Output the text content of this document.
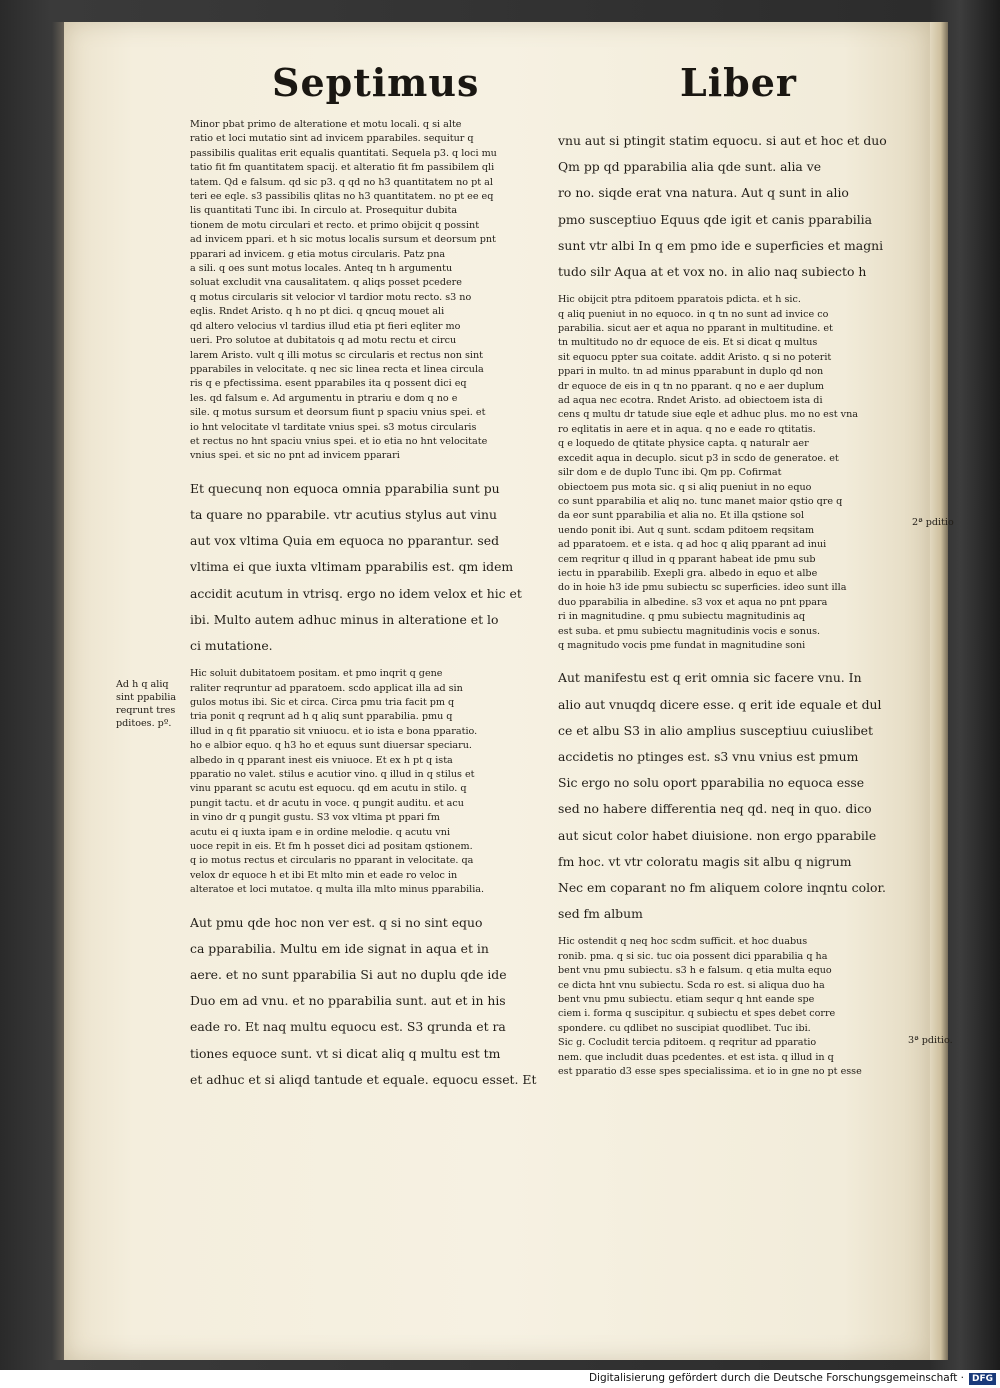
Septimus	Liber

Minor pbat primo de alteratione et motu locali. q si alte

ratio et loci mutatio sint ad invicem pparabiles. sequitur q

passibilis qualitas erit equalis quantitati. Sequela p3. q loci mu

tatio fit fm quantitatem spacij. et alteratio fit fm passibilem qli

tatem. Qd e falsum. qd sic p3. q qd no h3 quantitatem no pt al

teri ee eqle. s3 passibilis qlitas no h3 quantitatem. no pt ee eq

lis quantitati Tunc ibi. In circulo at. Prosequitur dubita

tionem de motu circulari et recto. et primo obijcit q possint

ad invicem ppari. et h sic motus localis sursum et deorsum pnt

pparari ad invicem. g etia motus circularis. Patz pna

a sili. q oes sunt motus locales. Anteq tn h argumentu

soluat excludit vna causalitatem. q aliqs posset pcedere

q motus circularis sit velocior vl tardior motu recto. s3 no

eqlis. Rndet Aristo. q h no pt dici. q qncuq mouet ali

qd altero velocius vl tardius illud etia pt fieri eqliter mo

ueri. Pro solutoe at dubitatois q ad motu rectu et circu

larem Aristo. vult q illi motus sc circularis et rectus non sint

pparabiles in velocitate. q nec sic linea recta et linea circula

ris q e pfectissima. esent pparabiles ita q possent dici eq

les. qd falsum e. Ad argumentu in ptrariu e dom q no e

sile. q motus sursum et deorsum fiunt p spaciu vnius spei. et

io hnt velocitate vl tarditate vnius spei. s3 motus circularis

et rectus no hnt spaciu vnius spei. et io etia no hnt velocitate

vnius spei. et sic no pnt ad invicem pparari

Et quecunq non equoca omnia pparabilia sunt pu

ta quare no pparabile. vtr acutius stylus aut vinu

aut vox vltima Quia em equoca no pparantur. sed

vltima ei que iuxta vltimam pparabilis est. qm idem

accidit acutum in vtrisq. ergo no idem velox et hic et

ibi. Multo autem adhuc minus in alteratione et lo

ci mutatione.

Hic soluit dubitatoem positam. et pmo inqrit q gene

raliter reqruntur ad pparatoem. scdo applicat illa ad sin

gulos motus ibi. Sic et circa. Circa pmu tria facit pm q

tria ponit q reqrunt ad h q aliq sunt pparabilia. pmu q

illud in q fit pparatio sit vniuocu. et io ista e bona pparatio.

ho e albior equo. q h3 ho et equus sunt diuersar speciaru.

albedo in q pparant inest eis vniuoce. Et ex h pt q ista

pparatio no valet. stilus e acutior vino. q illud in q stilus et

vinu pparant sc acutu est equocu. qd em acutu in stilo. q

pungit tactu. et dr acutu in voce. q pungit auditu. et acu

in vino dr q pungit gustu. S3 vox vltima pt ppari fm

acutu ei q iuxta ipam e in ordine melodie. q acutu vni

uoce repit in eis. Et fm h posset dici ad positam qstionem.

q io motus rectus et circularis no pparant in velocitate. qa

velox dr equoce h et ibi Et mlto min et eade ro veloc in

alteratoe et loci mutatoe. q multa illa mlto minus pparabilia.

Aut pmu qde hoc non ver est. q si no sint equo

ca pparabilia. Multu em ide signat in aqua et in

aere. et no sunt pparabilia Si aut no duplu qde ide

Duo em ad vnu. et no pparabilia sunt. aut et in his

eade ro. Et naq multu equocu est. S3 qrunda et ra

tiones equoce sunt. vt si dicat aliq q multu est tm

et adhuc et si aliqd tantude et equale. equocu esset. Et

Ad h q aliq

sint ppabilia

reqrunt tres

pditoes. pº.

vnu aut si ptingit statim equocu. si aut et hoc et duo

Qm pp qd pparabilia alia qde sunt. alia ve

ro no. siqde erat vna natura. Aut q sunt in alio

pmo susceptiuo Equus qde igit et canis pparabilia

sunt vtr albi In q em pmo ide e superficies et magni

tudo silr Aqua at et vox no. in alio naq subiecto h

Hic obijcit ptra pditoem pparatois pdicta. et h sic.

q aliq pueniut in no equoco. in q tn no sunt ad invice co

parabilia. sicut aer et aqua no pparant in multitudine. et

tn multitudo no dr equoce de eis. Et si dicat q multus

sit equocu ppter sua coitate. addit Aristo. q si no poterit

ppari in multo. tn ad minus pparabunt in duplo qd non

dr equoce de eis in q tn no pparant. q no e aer duplum

ad aqua nec ecotra. Rndet Aristo. ad obiectoem ista di

cens q multu dr tatude siue eqle et adhuc plus. mo no est vna

ro eqlitatis in aere et in aqua. q no e eade ro qtitatis.

q e loquedo de qtitate physice capta. q naturalr aer

excedit aqua in decuplo. sicut p3 in scdo de generatoe. et

silr dom e de duplo Tunc ibi. Qm pp. Cofirmat

obiectoem pus mota sic. q si aliq pueniut in no equo

co sunt pparabilia et aliq no. tunc manet maior qstio qre q

da eor sunt pparabilia et alia no. Et illa qstione sol

uendo ponit ibi. Aut q sunt. scdam pditoem reqsitam

ad pparatoem. et e ista. q ad hoc q aliq pparant ad inui

cem reqritur q illud in q pparant habeat ide pmu sub

iectu in pparabilib. Exepli gra. albedo in equo et albe

do in hoie h3 ide pmu subiectu sc superficies. ideo sunt illa

duo pparabilia in albedine. s3 vox et aqua no pnt ppara

ri in magnitudine. q pmu subiectu magnitudinis aq

est suba. et pmu subiectu magnitudinis vocis e sonus.

q magnitudo vocis pme fundat in magnitudine soni

Aut manifestu est q erit omnia sic facere vnu. In

alio aut vnuqdq dicere esse. q erit ide equale et dul

ce et albu S3 in alio amplius susceptiuu cuiuslibet

accidetis no ptinges est. s3 vnu vnius est pmum

Sic ergo no solu oport pparabilia no equoca esse

sed no habere differentia neq qd. neq in quo. dico

aut sicut color habet diuisione. non ergo pparabile

fm hoc. vt vtr coloratu magis sit albu q nigrum

Nec em coparant no fm aliquem colore inqntu color.

sed fm album

Hic ostendit q neq hoc scdm sufficit. et hoc duabus

ronib. pma. q si sic. tuc oia possent dici pparabilia q ha

bent vnu pmu subiectu. s3 h e falsum. q etia multa equo

ce dicta hnt vnu subiectu. Scda ro est. si aliqua duo ha

bent vnu pmu subiectu. etiam sequr q hnt eande spe

ciem i. forma q suscipitur. q subiectu et spes debet corre

spondere. cu qdlibet no suscipiat quodlibet. Tuc ibi.

Sic g. Cocludit tercia pditoem. q reqritur ad pparatio

nem. que includit duas pcedentes. et est ista. q illud in q

est pparatio d3 esse spes specialissima. et io in gne no pt esse

2ª pditio
3ª pditio.
Digitalisierung gefördert durch die Deutsche Forschungsgemeinschaft · DFG
